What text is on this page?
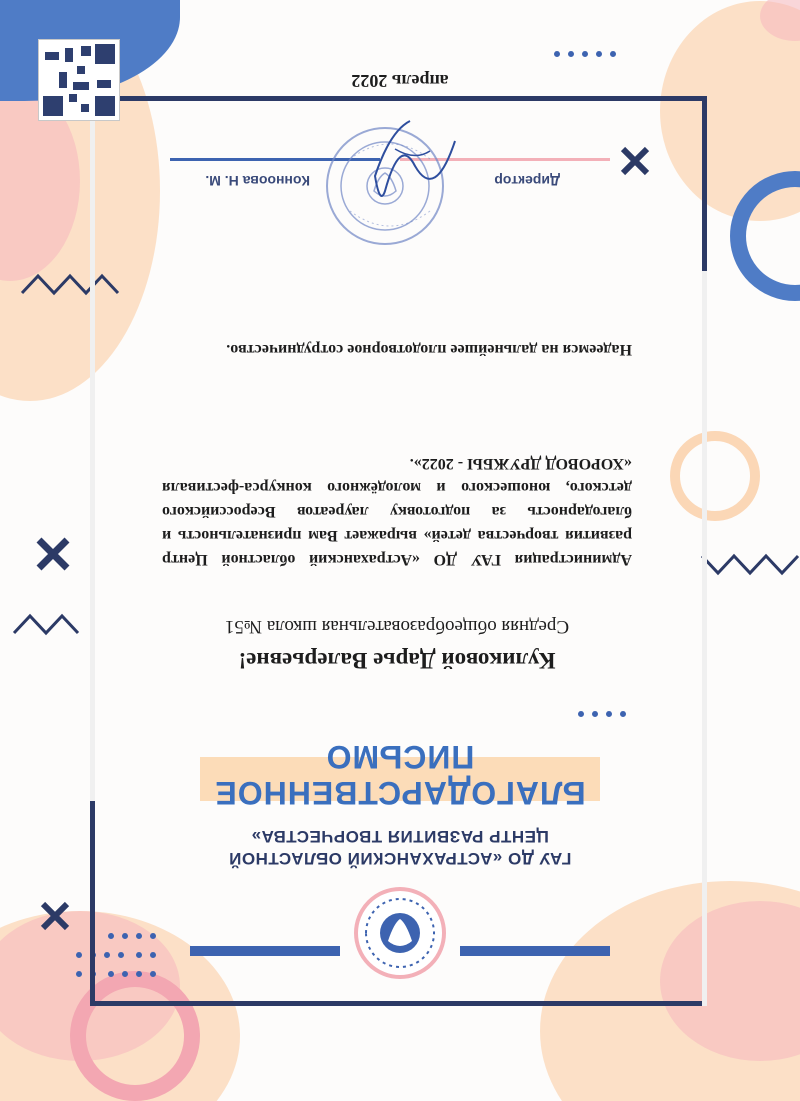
ГАУ ДО «АСТРАХАНСКИЙ ОБЛАСТНОЙ
ЦЕНТР РАЗВИТИЯ ТВОРЧЕСТВА»
БЛАГОДАРСТВЕННОЕ
ПИСЬМО
Куликовой Дарье Валерьевне!
Средняя общеобразовательная школа №51
Администрация ГАУ ДО «Астраханский областной Центр развития творчества детей» выражает Вам признательность и благодарность за подготовку лауреатов Всероссийского детского, юношеского и молодёжного конкурса-фестиваля «ХОРОВОД ДРУЖБЫ - 2022».
Надеемся на дальнейшее плодотворное сотрудничество.
Директор
Конноова Н. М.
апрель 2022
